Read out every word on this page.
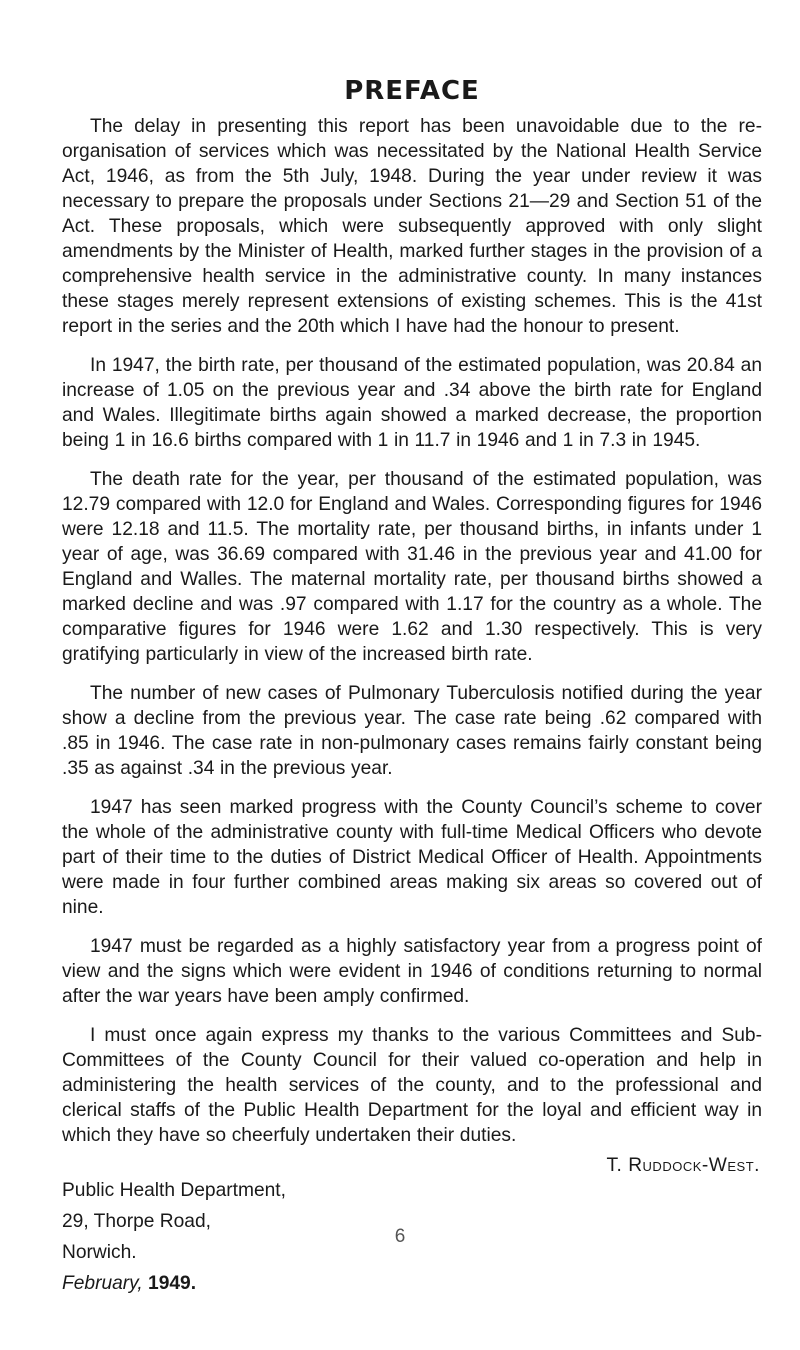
PREFACE

The delay in presenting this report has been unavoidable due to the re-organisation of services which was necessitated by the National Health Service Act, 1946, as from the 5th July, 1948. During the year under review it was necessary to prepare the proposals under Sections 21—29 and Section 51 of the Act. These proposals, which were subsequently approved with only slight amendments by the Minister of Health, marked further stages in the provision of a comprehensive health service in the administrative county. In many instances these stages merely represent extensions of existing schemes. This is the 41st report in the series and the 20th which I have had the honour to present.

In 1947, the birth rate, per thousand of the estimated population, was 20.84 an increase of 1.05 on the previous year and .34 above the birth rate for England and Wales. Illegitimate births again showed a marked decrease, the proportion being 1 in 16.6 births compared with 1 in 11.7 in 1946 and 1 in 7.3 in 1945.

The death rate for the year, per thousand of the estimated population, was 12.79 compared with 12.0 for England and Wales. Corresponding figures for 1946 were 12.18 and 11.5. The mortality rate, per thousand births, in infants under 1 year of age, was 36.69 compared with 31.46 in the previous year and 41.00 for England and Walles. The maternal mortality rate, per thousand births showed a marked decline and was .97 compared with 1.17 for the country as a whole. The comparative figures for 1946 were 1.62 and 1.30 respectively. This is very gratifying particularly in view of the increased birth rate.

The number of new cases of Pulmonary Tuberculosis notified during the year show a decline from the previous year. The case rate being .62 compared with .85 in 1946. The case rate in non-pulmonary cases remains fairly constant being .35 as against .34 in the previous year.

1947 has seen marked progress with the County Council’s scheme to cover the whole of the administrative county with full-time Medical Officers who devote part of their time to the duties of District Medical Officer of Health. Appointments were made in four further combined areas making six areas so covered out of nine.

1947 must be regarded as a highly satisfactory year from a progress point of view and the signs which were evident in 1946 of conditions returning to normal after the war years have been amply confirmed.

I must once again express my thanks to the various Committees and Sub-Committees of the County Council for their valued co-operation and help in administering the health services of the county, and to the professional and clerical staffs of the Public Health Department for the loyal and efficient way in which they have so cheerfuly undertaken their duties.

T. Ruddock-West.
Public Health Department,
29, Thorpe Road,
Norwich.
February, 1949.
6
